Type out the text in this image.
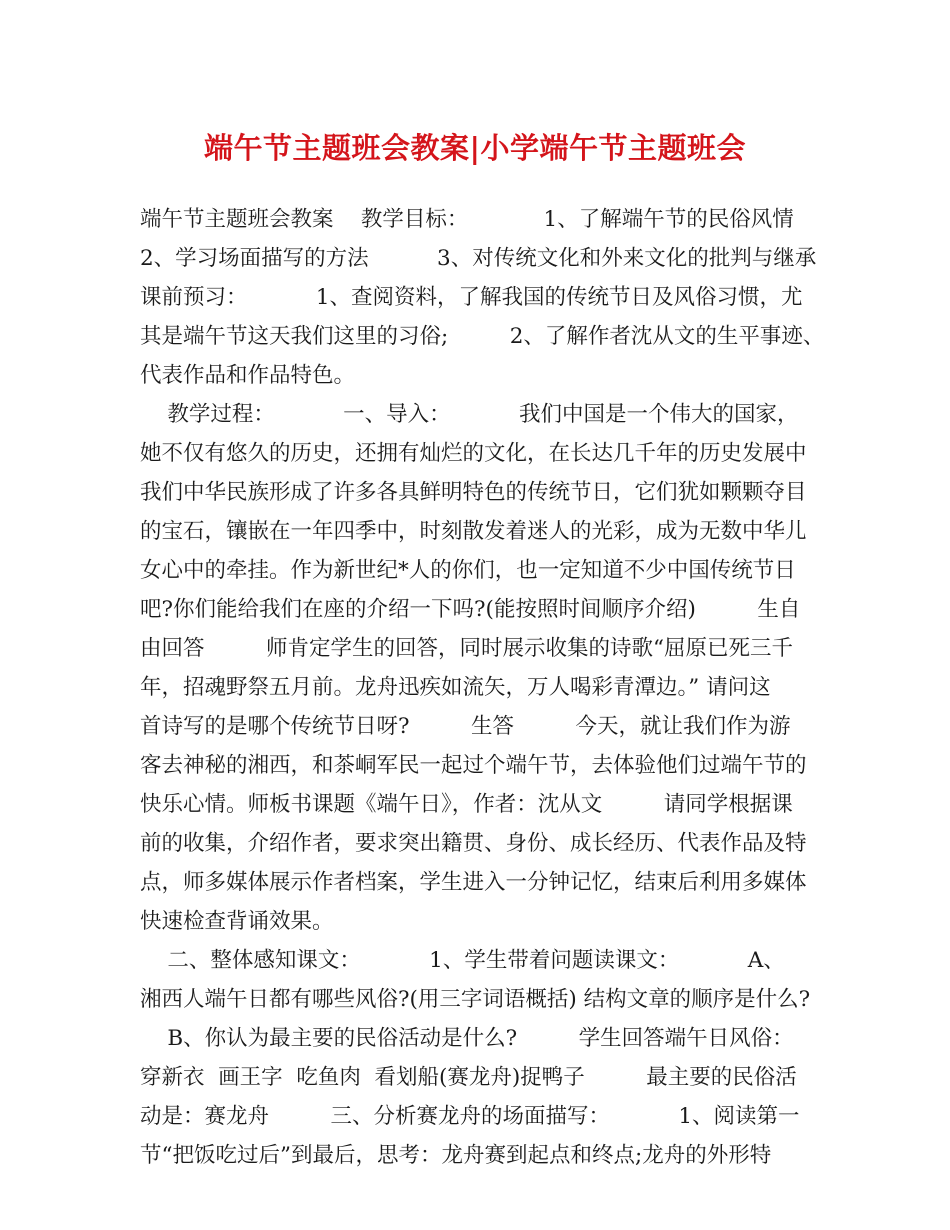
端午节主题班会教案|小学端午节主题班会
端午节主题班会教案    教学目标：           1、了解端午节的民俗风情
2、学习场面描写的方法          3、对传统文化和外来文化的批判与继承
课前预习：          1、查阅资料，了解我国的传统节日及风俗习惯，尤
其是端午节这天我们这里的习俗;         2、了解作者沈从文的生平事迹、
代表作品和作品特色。
教学过程：          一、导入：          我们中国是一个伟大的国家，
她不仅有悠久的历史，还拥有灿烂的文化，在长达几千年的历史发展中
我们中华民族形成了许多各具鲜明特色的传统节日，它们犹如颗颗夺目
的宝石，镶嵌在一年四季中，时刻散发着迷人的光彩，成为无数中华儿
女心中的牵挂。作为新世纪*人的你们，也一定知道不少中国传统节日
吧?你们能给我们在座的介绍一下吗?(能按照时间顺序介绍)         生自
由回答         师肯定学生的回答，同时展示收集的诗歌“屈原已死三千
年，招魂野祭五月前。龙舟迅疾如流矢，万人喝彩青潭边。” 请问这
首诗写的是哪个传统节日呀?         生答         今天，就让我们作为游
客去神秘的湘西，和茶峒军民一起过个端午节，去体验他们过端午节的
快乐心情。师板书课题《端午日》，作者：沈从文         请同学根据课
前的收集，介绍作者，要求突出籍贯、身份、成长经历、代表作品及特
点，师多媒体展示作者档案，学生进入一分钟记忆，结束后利用多媒体
快速检查背诵效果。
二、整体感知课文：          1、学生带着问题读课文：          A、
湘西人端午日都有哪些风俗?(用三字词语概括) 结构文章的顺序是什么?
B、你认为最主要的民俗活动是什么?         学生回答端午日风俗：
穿新衣  画王字  吃鱼肉  看划船(赛龙舟)捉鸭子         最主要的民俗活
动是：赛龙舟         三、分析赛龙舟的场面描写：          1、阅读第一
节“把饭吃过后”到最后，思考：龙舟赛到起点和终点;龙舟的外形特
